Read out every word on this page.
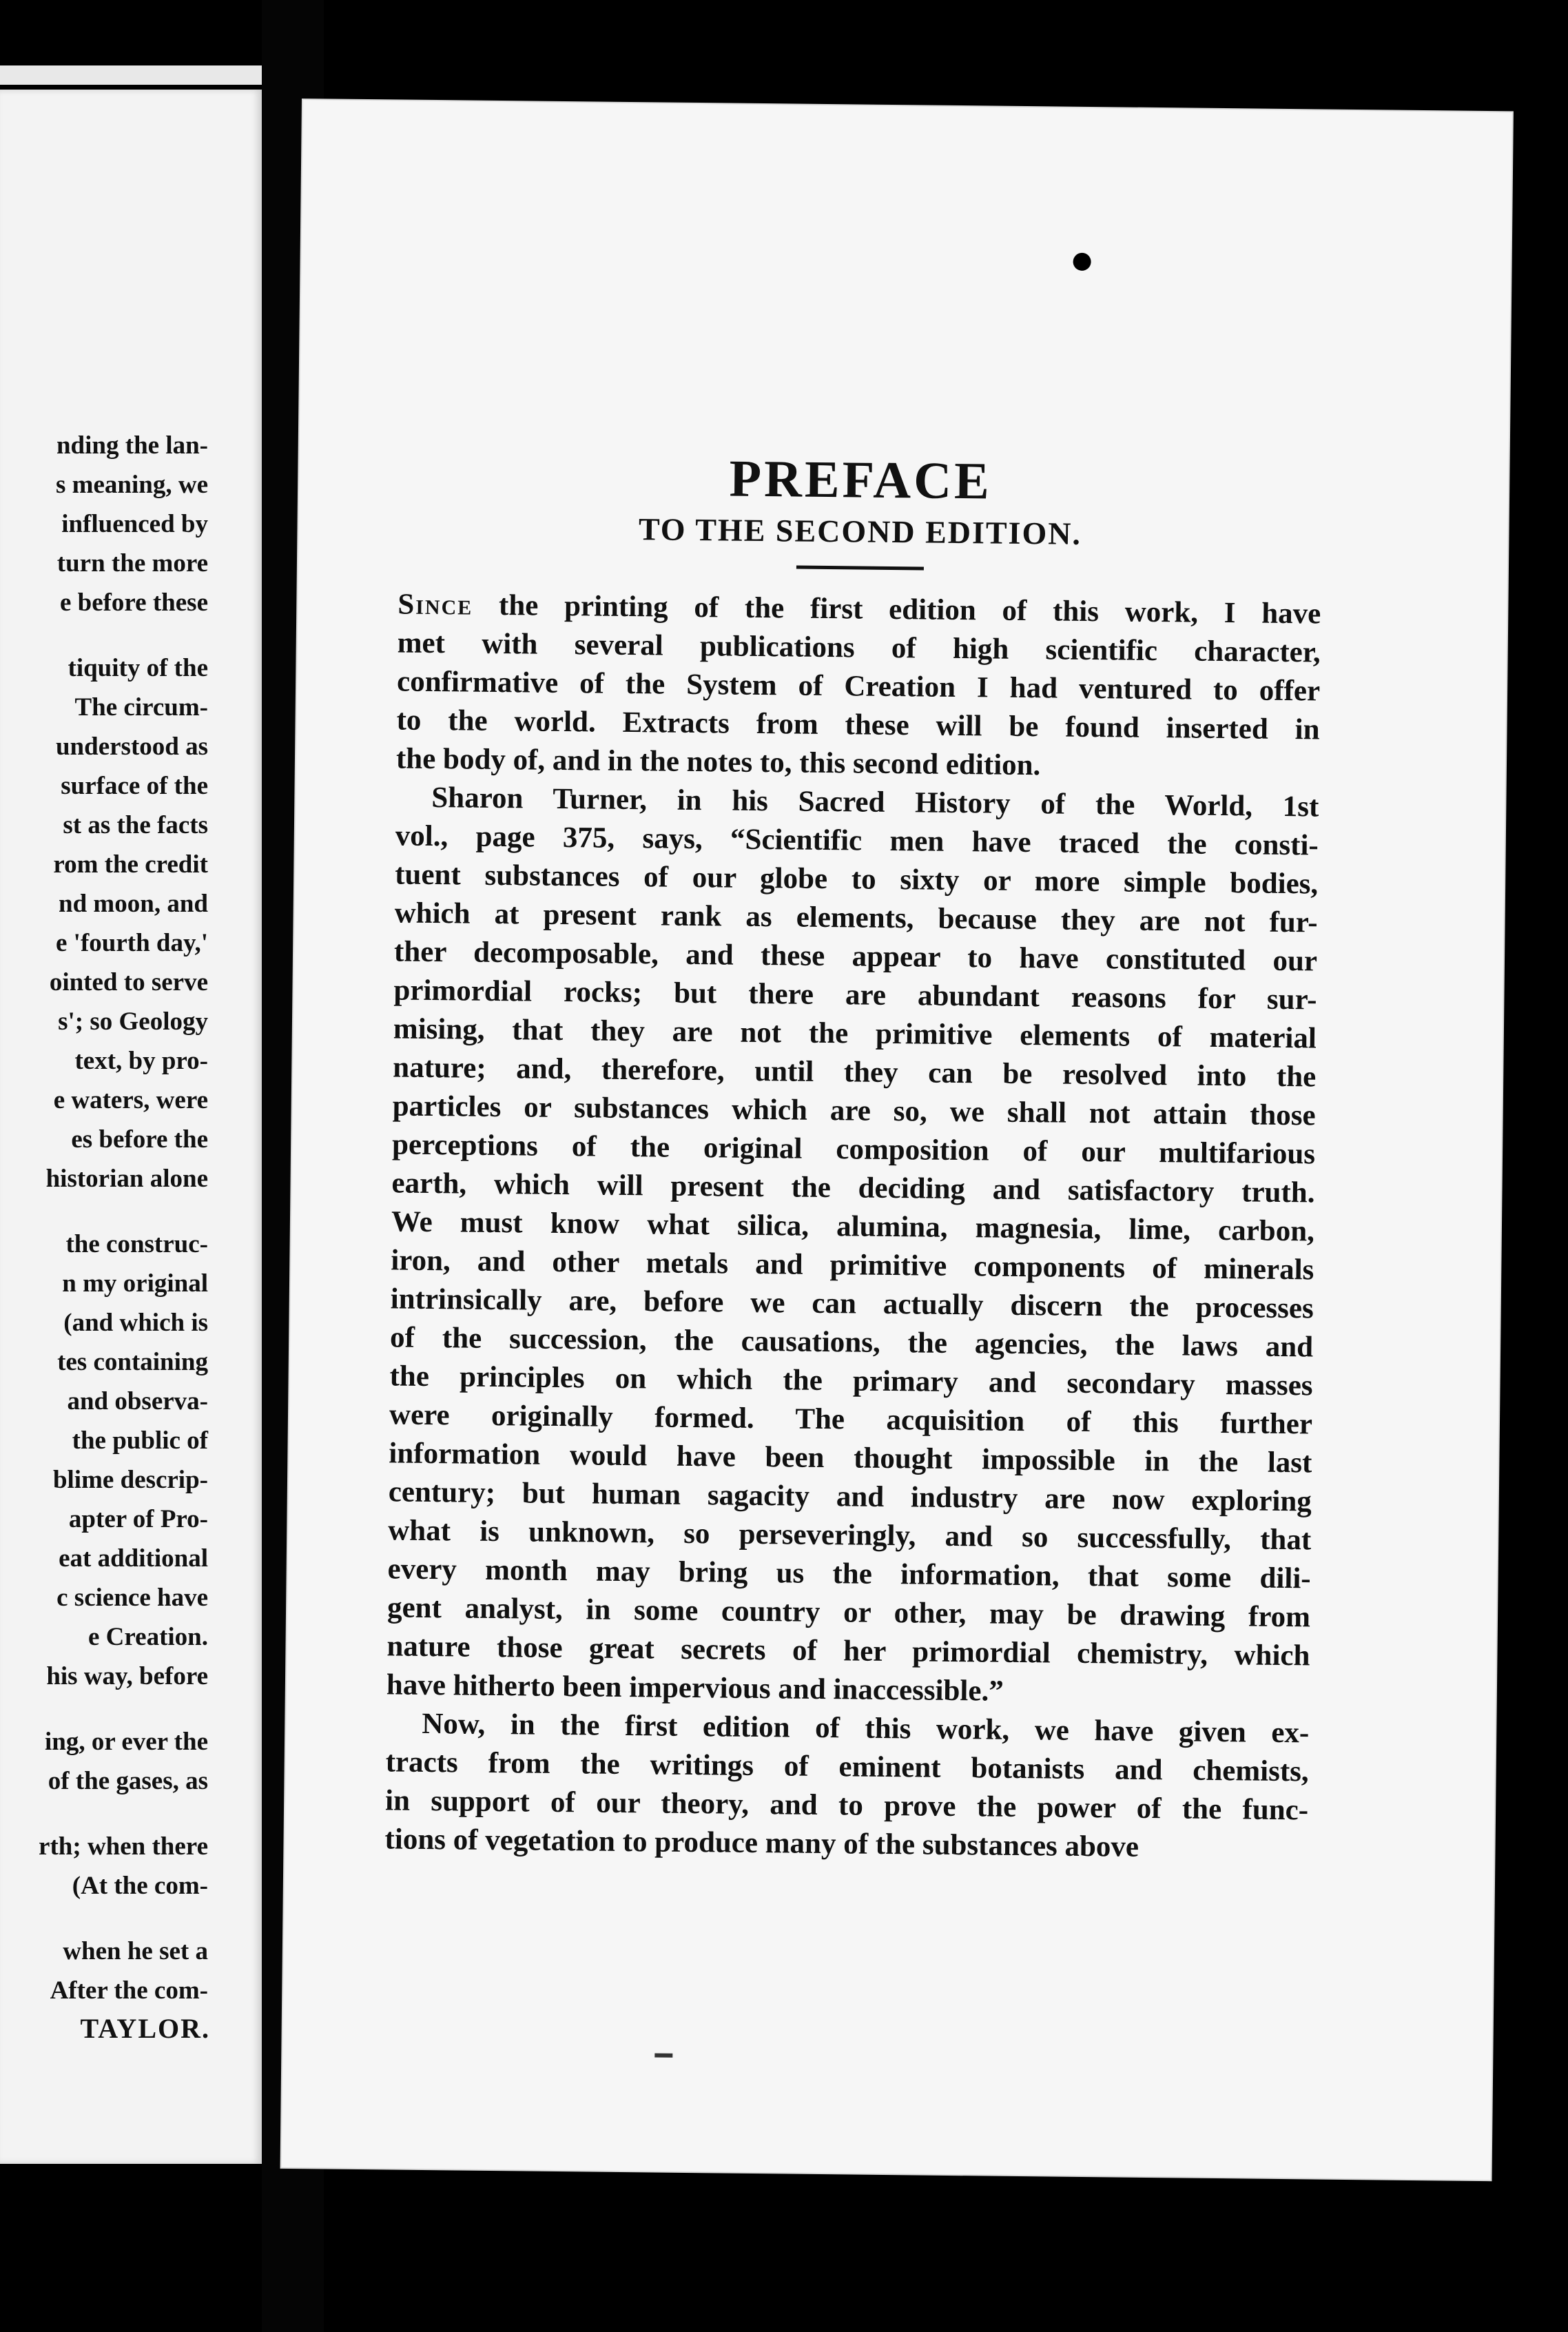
nding the lan-
s meaning, we
influenced by
turn the more
e before these
tiquity of the
The circum-
understood as
surface of the
st as the facts
rom the credit
nd moon, and
e 'fourth day,'
ointed to serve
s'; so Geology
text, by pro-
e waters, were
es before the
historian alone
the construc-
n my original
(and which is
tes containing
and observa-
the public of
blime descrip-
apter of Pro-
eat additional
c science have
e Creation.
his way, before
ing, or ever the
of the gases, as
rth; when there
(At the com-
when he set a
After the com-
TAYLOR.
PREFACE
TO THE SECOND EDITION.
Since the printing of the first edition of this work, I have
met with several publications of high scientific character,
confirmative of the System of Creation I had ventured to offer
to the world. Extracts from these will be found inserted in
the body of, and in the notes to, this second edition.
Sharon Turner, in his Sacred History of the World, 1st
vol., page 375, says, “Scientific men have traced the consti-
tuent substances of our globe to sixty or more simple bodies,
which at present rank as elements, because they are not fur-
ther decomposable, and these appear to have constituted our
primordial rocks; but there are abundant reasons for sur-
mising, that they are not the primitive elements of material
nature; and, therefore, until they can be resolved into the
particles or substances which are so, we shall not attain those
perceptions of the original composition of our multifarious
earth, which will present the deciding and satisfactory truth.
We must know what silica, alumina, magnesia, lime, carbon,
iron, and other metals and primitive components of minerals
intrinsically are, before we can actually discern the processes
of the succession, the causations, the agencies, the laws and
the principles on which the primary and secondary masses
were originally formed. The acquisition of this further
information would have been thought impossible in the last
century; but human sagacity and industry are now exploring
what is unknown, so perseveringly, and so successfully, that
every month may bring us the information, that some dili-
gent analyst, in some country or other, may be drawing from
nature those great secrets of her primordial chemistry, which
have hitherto been impervious and inaccessible.”
Now, in the first edition of this work, we have given ex-
tracts from the writings of eminent botanists and chemists,
in support of our theory, and to prove the power of the func-
tions of vegetation to produce many of the substances above
